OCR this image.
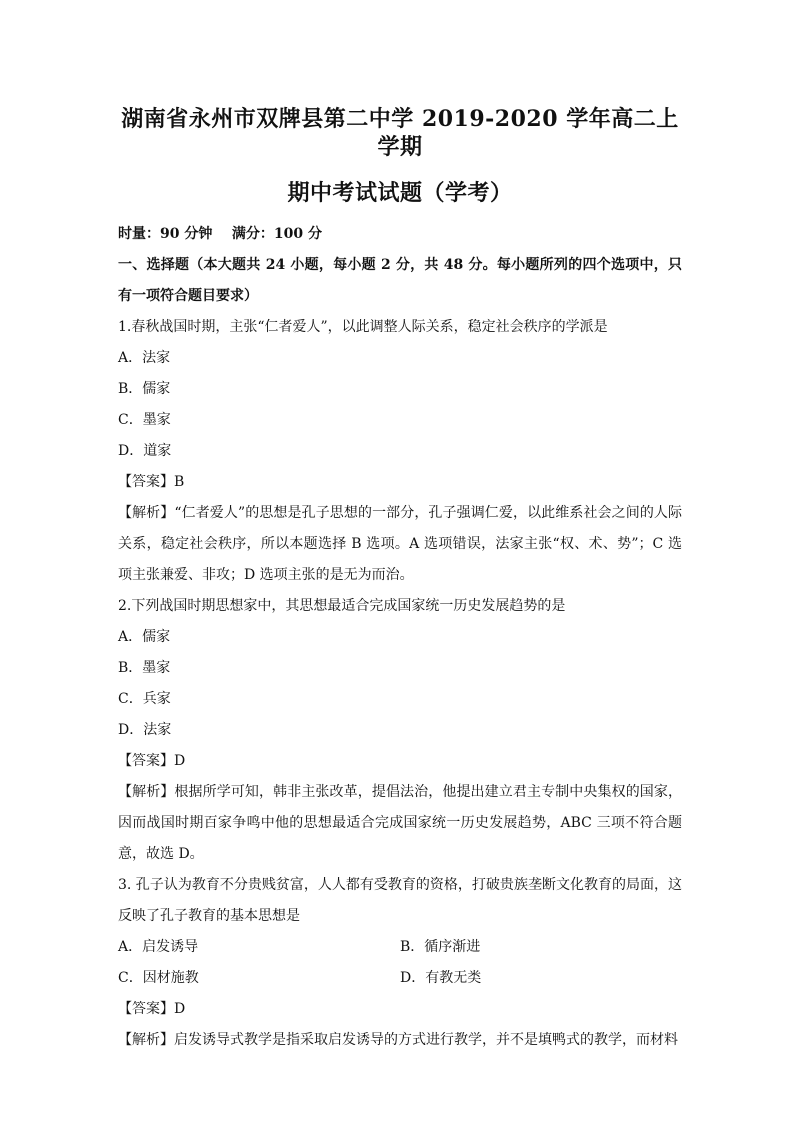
湖南省永州市双牌县第二中学 2019-2020 学年高二上学期
期中考试试题（学考）
时量：90 分钟    满分：100 分
一、选择题（本大题共 24 小题，每小题 2 分，共 48 分。每小题所列的四个选项中，只有一项符合题目要求）
1.春秋战国时期，主张“仁者爱人”，以此调整人际关系，稳定社会秩序的学派是
A．法家
B．儒家
C．墨家
D．道家
【答案】B
【解析】“仁者爱人”的思想是孔子思想的一部分，孔子强调仁爱，以此维系社会之间的人际关系，稳定社会秩序，所以本题选择 B 选项。A 选项错误，法家主张“权、术、势”；C 选项主张兼爱、非攻；D 选项主张的是无为而治。
2.下列战国时期思想家中，其思想最适合完成国家统一历史发展趋势的是
A．儒家
B．墨家
C．兵家
D．法家
【答案】D
【解析】根据所学可知，韩非主张改革，提倡法治，他提出建立君主专制中央集权的国家，因而战国时期百家争鸣中他的思想最适合完成国家统一历史发展趋势，ABC 三项不符合题意，故选 D。
3. 孔子认为教育不分贵贱贫富，人人都有受教育的资格，打破贵族垄断文化教育的局面，这反映了孔子教育的基本思想是
A．启发诱导	B．循序渐进
C．因材施教	D．有教无类
【答案】D
【解析】启发诱导式教学是指采取启发诱导的方式进行教学，并不是填鸭式的教学，而材料
